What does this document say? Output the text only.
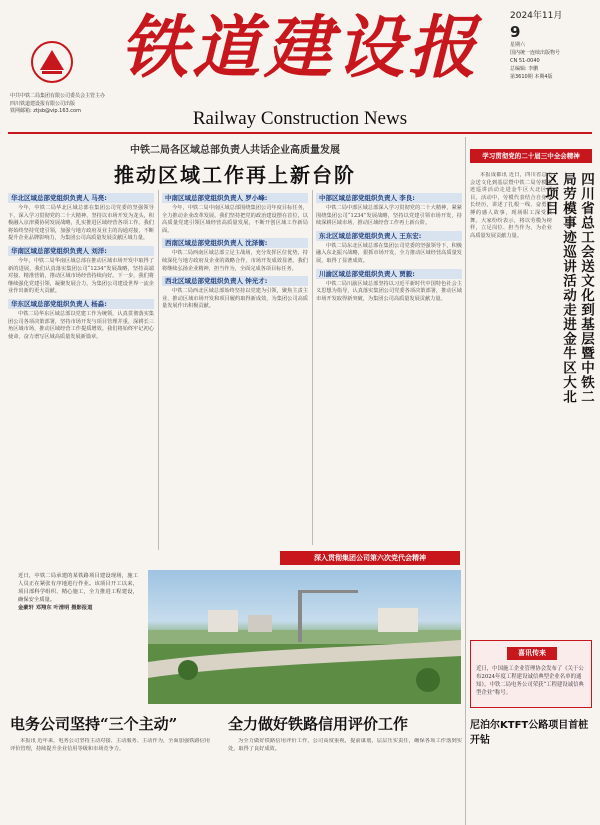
中共中铁二局集团有限公司委员会主管主办
四川铁道建设报有限公司出版
铁网邮箱: ztjsb@vip.163.com
铁道建设报
Railway Construction News
2024年11月
9
星期六
国内统一连续出版物号
CN 51-0040
总编辑: 李鹏
第3610期 本期4版
中铁二局各区域总部负责人共话企业高质量发展
推动区域工作再上新台阶
华北区域总部党组织负责人 马亮:
今年，中铁二局华北区域总部在集团公司党委的坚强领导下，深入学习贯彻党的二十大精神，坚持以市场开发为龙头，积极融入京津冀协同发展战略，扎实推进区域经营各项工作。我们将始终坚持党建引领，加强与地方政府及业主的沟通对接，不断提升企业品牌影响力，为集团公司高质量发展贡献区域力量。
华南区域总部党组织负责人 刘洋:
今年，中铁二局华南区域总部在推动区域市场开发中取得了新的进展，我们认真落实集团公司“1234”发展战略，坚持高端对接、精准营销，推动区域市场经营持续向好。下一步，我们将继续强化党建引领，凝聚发展合力，为集团公司建设世界一流企业作出新的更大贡献。
华东区域总部党组织负责人 杨淼:
中铁二局华东区域总部以党建工作为统领，认真贯彻落实集团公司各项决策部署，坚持市场开发与项目管理并重，深耕长三角区域市场，推动区域经营工作提质增效。我们将始终牢记初心使命，奋力谱写区域高质量发展新篇章。
中南区域总部党组织负责人 罗小峰:
今年，中铁二局中南区域总部围绕集团公司年度目标任务，全力推动企业改革发展。我们坚持把党的政治建设摆在首位，以高质量党建引领区域经营高质量发展，不断开创区域工作新局面。
西南区域总部党组织负责人 沈泽衡:
中铁二局西南区域总部立足主战场，充分发挥区位优势，持续深化与地方政府及企业的战略合作，市场开发成效显著。我们将继续弘扬企业精神，担当作为，全面完成各项目标任务。
西北区域总部党组织负责人 钟光才:
中铁二局西北区域总部始终坚持以党建为引领，聚焦主责主业，推动区域市场开发和项目履约取得新成效，为集团公司高质量发展作出积极贡献。
中部区域总部党组织负责人 李良:
中铁二局中部区域总部深入学习贯彻党的二十大精神，紧紧围绕集团公司“1234”发展战略，坚持以党建引领市场开发，持续深耕区域市场，推动区域经营工作再上新台阶。
东北区域总部党组织负责人 王东宏:
中铁二局东北区域总部在集团公司党委的坚强领导下，积极融入东北振兴战略，狠抓市场开发，全力推动区域经营高质量发展，取得了显著成效。
川渝区域总部党组织负责人 贾毅:
中铁二局川渝区域总部坚持以习近平新时代中国特色社会主义思想为指导，认真落实集团公司党委各项决策部署，推动区域市场开发取得新突破，为集团公司高质量发展贡献力量。
深入贯彻集团公司第六次党代会精神
近日，中铁二局承建的某铁路项目建设现场，施工人员正在紧张有序地进行作业。该项目开工以来，项目部科学组织、精心施工，全力推进工程建设，确保安全质量。
金豪轩 邓翔东 叶清明 摄影报道
电务公司坚持“三个主动”
本报讯 近年来，电务公司坚持主动对接、主动服务、主动作为，全面加强铁路信用评价管理，持续提升企业信用等级和市场竞争力。
全力做好铁路信用评价工作
为全力做好铁路信用评价工作，公司高度重视，提前谋划，层层压实责任，确保各项工作落到实处，取得了良好成效。
学习贯彻党的二十届三中全会精神
本报成都讯 近日，四川省总工会送文化到基层暨中铁二局劳模事迹巡讲活动走进金牛区大北区项目。活动中，劳模代表结合自身成长经历，讲述了扎根一线、奋勇拼搏的感人故事，现场职工深受鼓舞。大家纷纷表示，将以劳模为榜样，立足岗位、担当作为，为企业高质量发展贡献力量。	四川省总工会送文化到基层暨中铁二局劳模事迹巡讲活动走进金牛区大北区项目
喜讯传来
近日，中国施工企业管理协会发布了《关于公布2024年度工程建设诚信典型企业名单的通知》，中铁二局电务公司荣获“工程建设诚信典型企业”称号。
尼泊尔KTFT公路项目首桩开钻
